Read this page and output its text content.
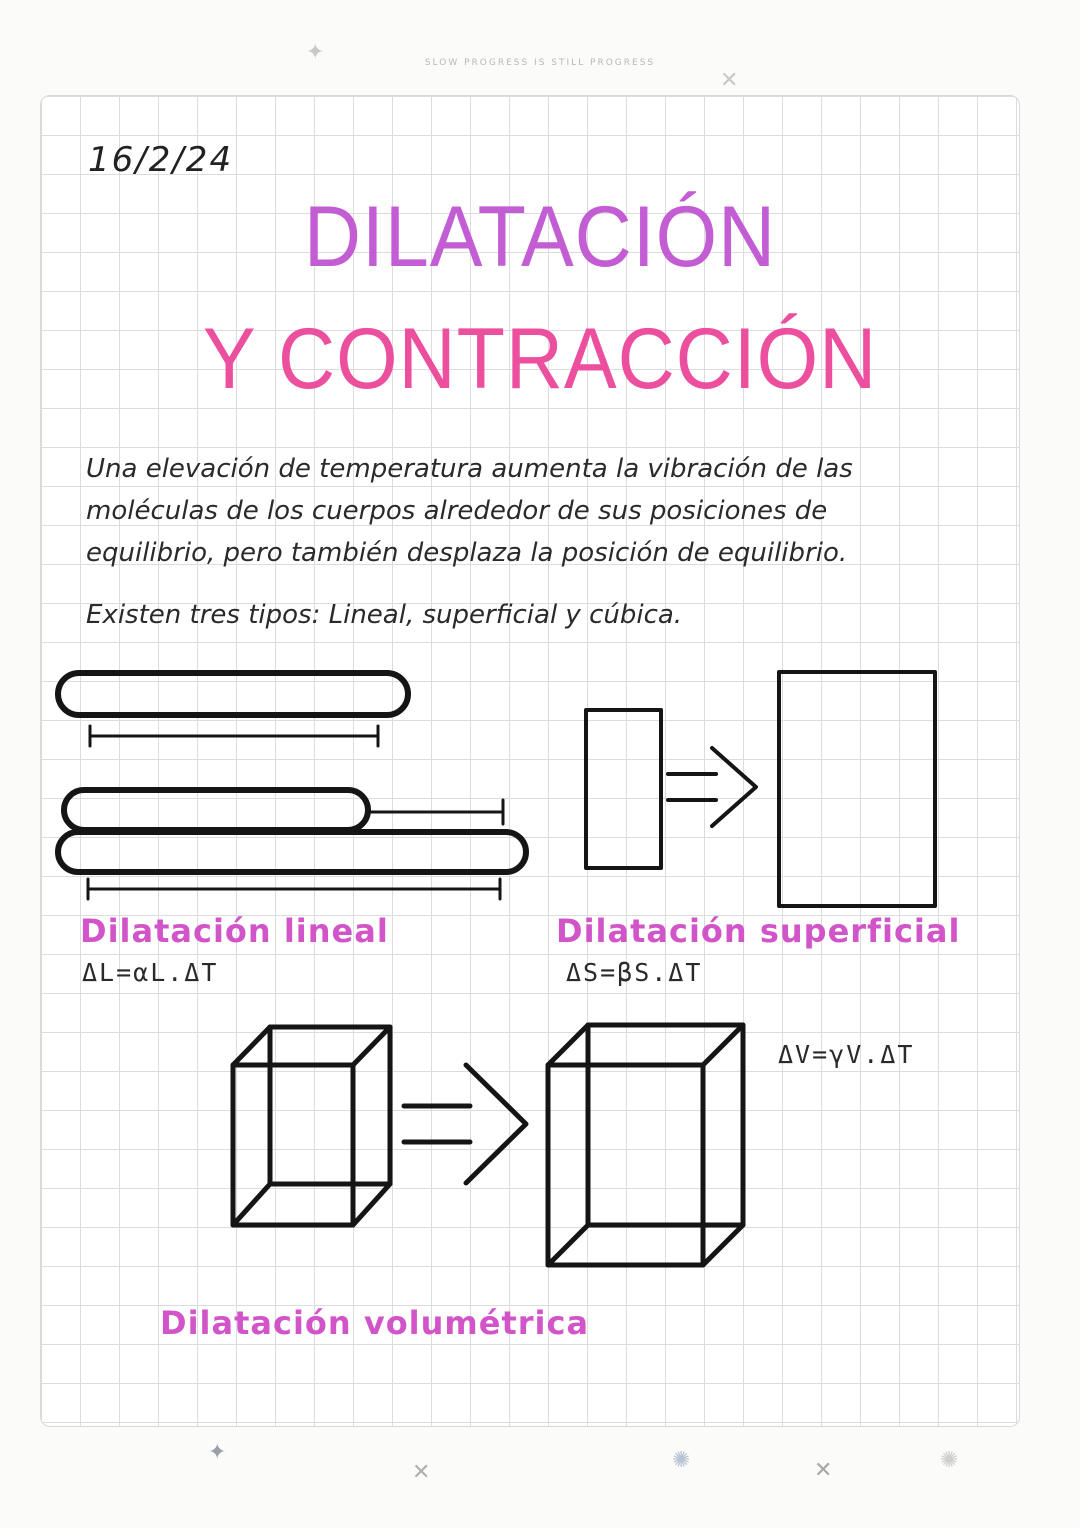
SLOW PROGRESS IS STILL PROGRESS
16/2/24
DILATACIÓN
Y CONTRACCIÓN
Una elevación de temperatura aumenta la vibración de las
moléculas de los cuerpos alrededor de sus posiciones de
equilibrio, pero también desplaza la posición de equilibrio.
Existen tres tipos: Lineal, superficial y cúbica.
Dilatación lineal
ΔL=αL.ΔT
Dilatación superficial
ΔS=βS.ΔT
ΔV=γV.ΔT
Dilatación volumétrica
✦
✕
✦
✕	✺	✕	✺
